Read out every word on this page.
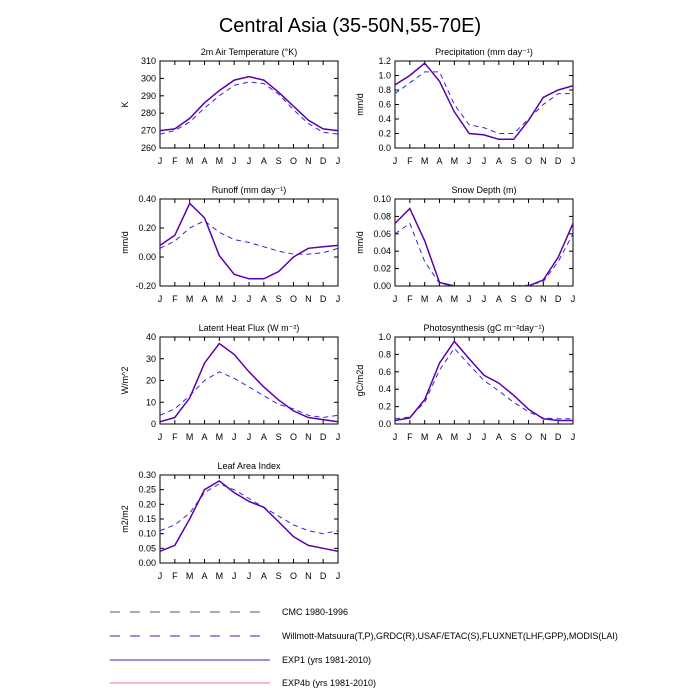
Central Asia (35-50N,55-70E)
2m Air Temperature (°K)
K
260
270
280
290
300
310
J F M A M J J A S O N D J
Precipitation (mm day⁻¹)
mm/d
0.0
0.2
0.4
0.6
0.8
1.0
1.2
J F M A M J J A S O N D J
Runoff (mm day⁻¹)
mm/d
-0.20
0.00
0.20
0.40
J F M A M J J A S O N D J
Snow Depth (m)
mm/d
0.00
0.02
0.04
0.06
0.08
0.10
J F M A M J J A S O N D J
Latent Heat Flux (W m⁻²)
W/m^2
0
10
20
30
40
J F M A M J J A S O N D J
Photosynthesis (gC m⁻²day⁻¹)
gC/m2d
0.0
0.2
0.4
0.6
0.8
1.0
J F M A M J J A S O N D J
Leaf Area Index
m2/m2
0.00
0.05
0.10
0.15
0.20
0.25
0.30
J F M A M J J A S O N D J
CMC 1980-1996
Willmott-Matsuura(T,P),GRDC(R),USAF/ETAC(S),FLUXNET(LHF,GPP),MODIS(LAI)
EXP1 (yrs 1981-2010)
EXP4b (yrs 1981-2010)
